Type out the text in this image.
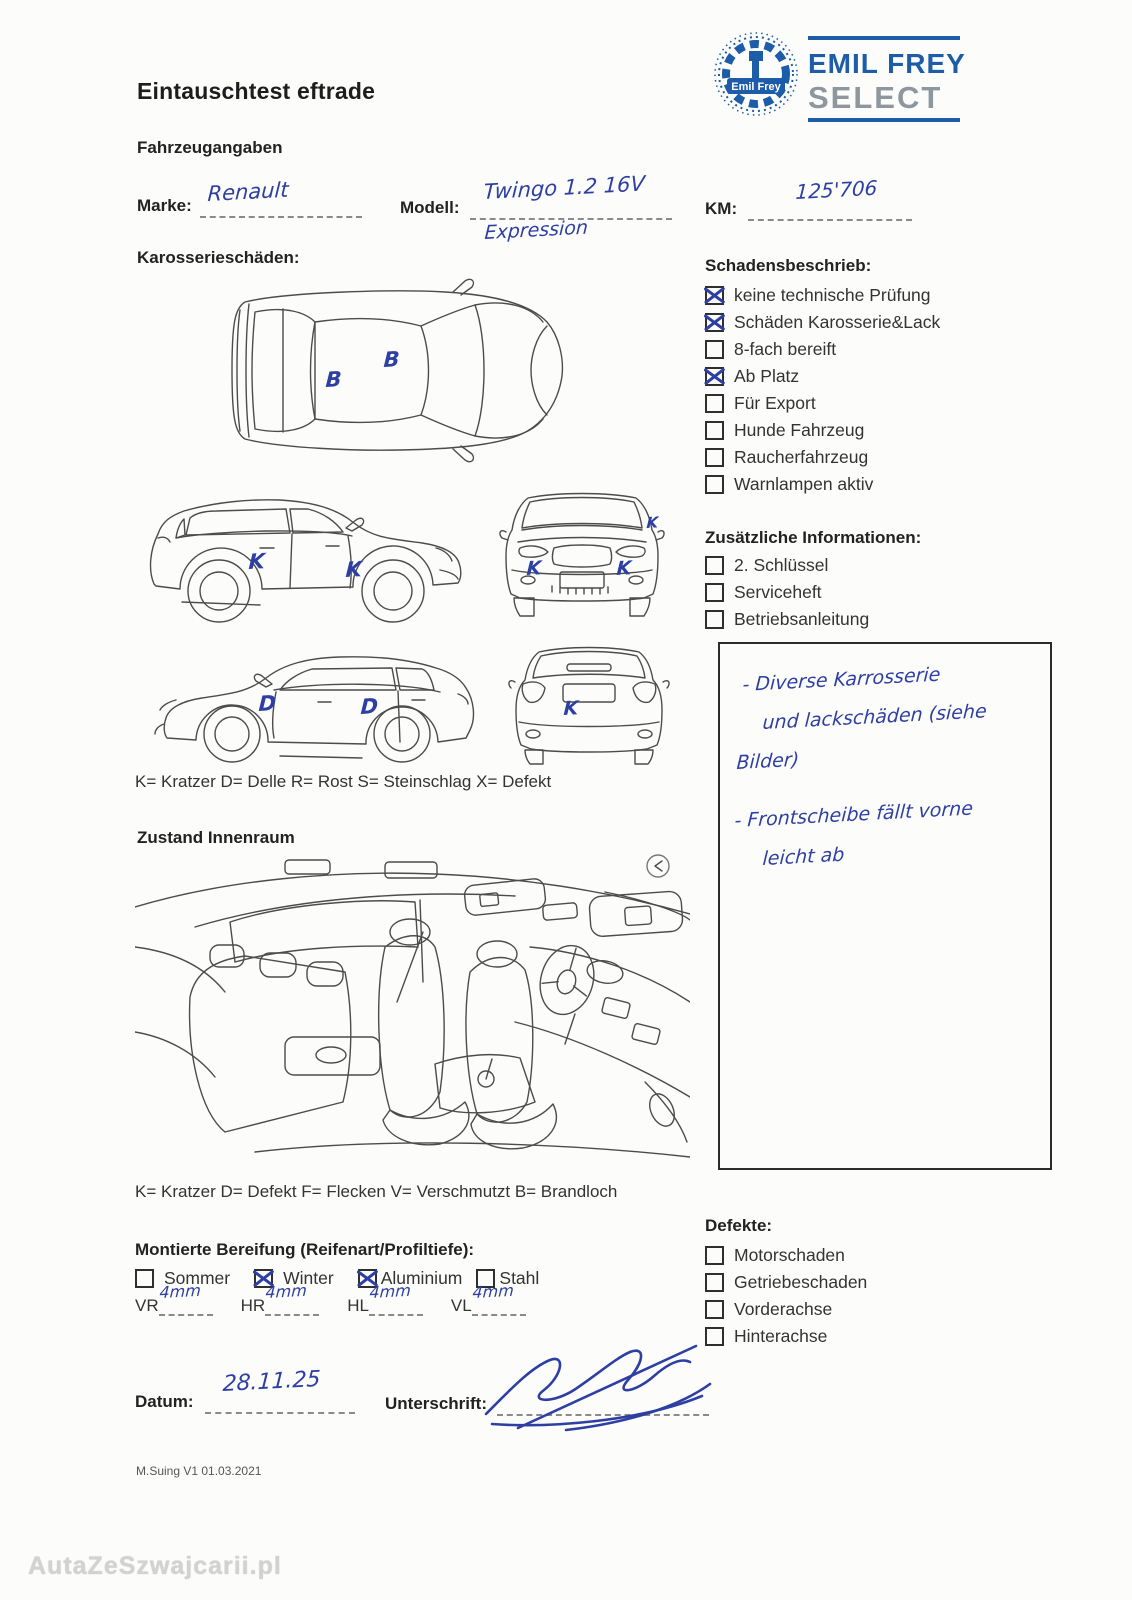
Eintauschtest eftrade	Emil Frey
EMIL FREY
SELECT
Fahrzeugangaben
Marke: Renault
Modell:
Twingo 1.2 16V
Expression
KM:
125'706
Karosserieschäden:
B
B
K	K	K	K
K
D	D	K
K= Kratzer D= Delle R= Rost S= Steinschlag X= Defekt
Schadensbeschrieb:
keine technische Prüfung
Schäden Karosserie&Lack
8-fach bereift
Ab Platz
Für Export
Hunde Fahrzeug
Raucherfahrzeug
Warnlampen aktiv
Zusätzliche Informationen:
2. Schlüssel
Serviceheft
Betriebsanleitung
- Diverse Karrosserie
und lackschäden (siehe
Bilder)
- Frontscheibe fällt vorne
leicht ab
Zustand Innenraum
K= Kratzer D= Defekt F= Flecken V= Verschmutzt B= Brandloch
Defekte:
Motorschaden
Getriebeschaden
Vorderachse
Hinterachse
Montierte Bereifung (Reifenart/Profiltiefe):
Sommer	Winter	Aluminium Stahl
VR
4mm
HR
4mm
HL
4mm
VL
4mm
Datum:
28.11.25
Unterschrift:
M.Suing V1 01.03.2021
AutaZeSzwajcarii.pl
